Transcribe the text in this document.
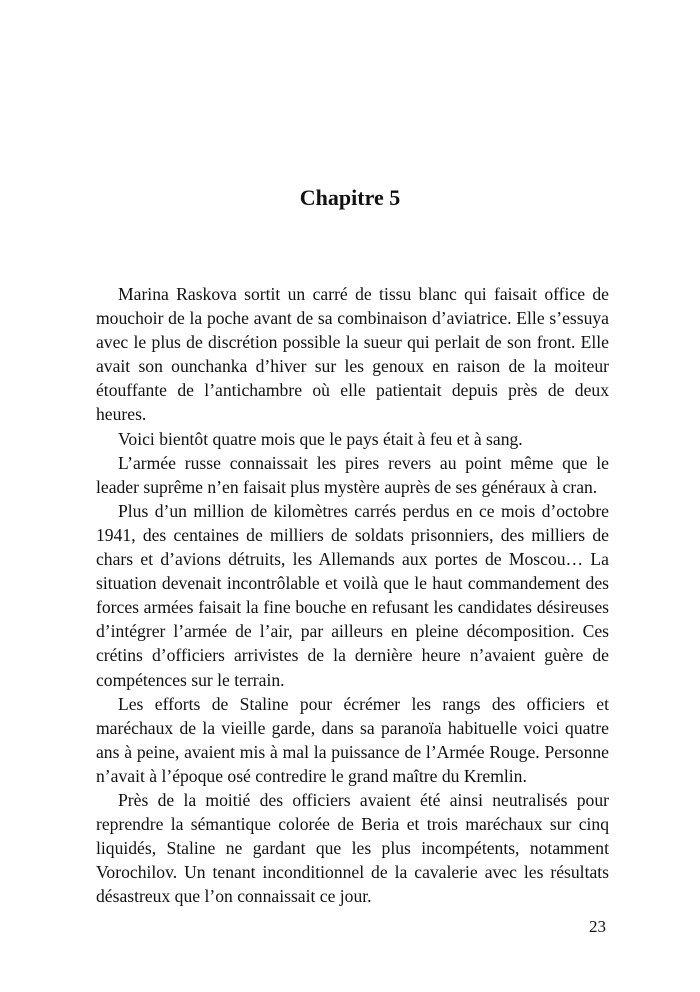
Chapitre 5

Marina Raskova sortit un carré de tissu blanc qui faisait office de mouchoir de la poche avant de sa combinaison d’aviatrice. Elle s’essuya avec le plus de discrétion possible la sueur qui perlait de son front. Elle avait son ounchanka d’hiver sur les genoux en raison de la moiteur étouffante de l’antichambre où elle patientait depuis près de deux heures.

Voici bientôt quatre mois que le pays était à feu et à sang.

L’armée russe connaissait les pires revers au point même que le leader suprême n’en faisait plus mystère auprès de ses généraux à cran.

Plus d’un million de kilomètres carrés perdus en ce mois d’octobre 1941, des centaines de milliers de soldats prisonniers, des milliers de chars et d’avions détruits, les Allemands aux portes de Moscou… La situation devenait incontrôlable et voilà que le haut commandement des forces armées faisait la fine bouche en refusant les candidates désireuses d’intégrer l’armée de l’air, par ailleurs en pleine décomposition. Ces crétins d’officiers arrivistes de la dernière heure n’avaient guère de compétences sur le terrain.

Les efforts de Staline pour écrémer les rangs des officiers et maréchaux de la vieille garde, dans sa paranoïa habituelle voici quatre ans à peine, avaient mis à mal la puissance de l’Armée Rouge. Personne n’avait à l’époque osé contredire le grand maître du Kremlin.

Près de la moitié des officiers avaient été ainsi neutralisés pour reprendre la sémantique colorée de Beria et trois maréchaux sur cinq liquidés, Staline ne gardant que les plus incompétents, notamment Vorochilov. Un tenant inconditionnel de la cavalerie avec les résultats désastreux que l’on connaissait ce jour.

23
